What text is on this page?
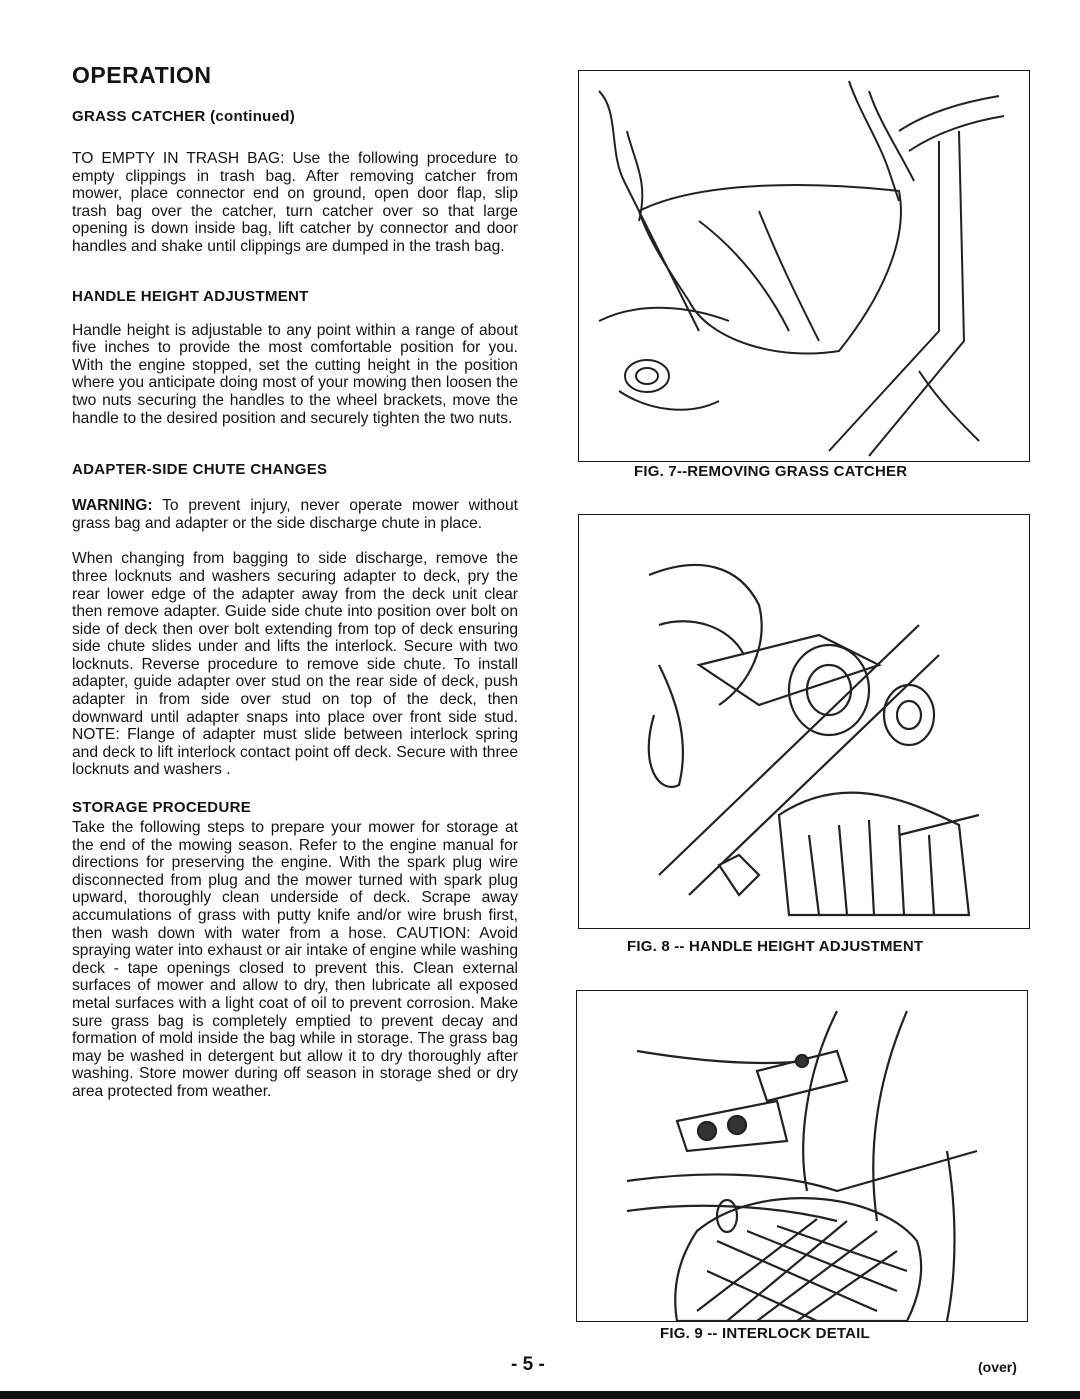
OPERATION
GRASS CATCHER (continued)

TO EMPTY IN TRASH BAG: Use the following procedure to empty clippings in trash bag. After removing catcher from mower, place connector end on ground, open door flap, slip trash bag over the catcher, turn catcher over so that large opening is down inside bag, lift catcher by connector and door handles and shake until clippings are dumped in the trash bag.

HANDLE HEIGHT ADJUSTMENT

Handle height is adjustable to any point within a range of about five inches to provide the most comfortable position for you. With the engine stopped, set the cutting height in the position where you anticipate doing most of your mowing then loosen the two nuts securing the handles to the wheel brackets, move the handle to the desired position and securely tighten the two nuts.

ADAPTER-SIDE CHUTE CHANGES

WARNING: To prevent injury, never operate mower without grass bag and adapter or the side discharge chute in place.

When changing from bagging to side discharge, remove the three locknuts and washers securing adapter to deck, pry the rear lower edge of the adapter away from the deck unit clear then remove adapter. Guide side chute into position over bolt on side of deck then over bolt extending from top of deck ensuring side chute slides under and lifts the interlock. Secure with two locknuts. Reverse procedure to remove side chute. To install adapter, guide adapter over stud on the rear side of deck, push adapter in from side over stud on top of the deck, then downward until adapter snaps into place over front side stud. NOTE: Flange of adapter must slide between interlock spring and deck to lift interlock contact point off deck. Secure with three locknuts and washers .

STORAGE PROCEDURE

Take the following steps to prepare your mower for storage at the end of the mowing season. Refer to the engine manual for directions for preserving the engine. With the spark plug wire disconnected from plug and the mower turned with spark plug upward, thoroughly clean underside of deck. Scrape away accumulations of grass with putty knife and/or wire brush first, then wash down with water from a hose. CAUTION: Avoid spraying water into exhaust or air intake of engine while washing deck - tape openings closed to prevent this. Clean external surfaces of mower and allow to dry, then lubricate all exposed metal surfaces with a light coat of oil to prevent corrosion. Make sure grass bag is completely emptied to prevent decay and formation of mold inside the bag while in storage. The grass bag may be washed in detergent but allow it to dry thoroughly after washing. Store mower during off season in storage shed or dry area protected from weather.

FIG. 7--REMOVING GRASS CATCHER

FIG. 8 -- HANDLE HEIGHT ADJUSTMENT

FIG. 9 -- INTERLOCK DETAIL

- 5 -	(over)
